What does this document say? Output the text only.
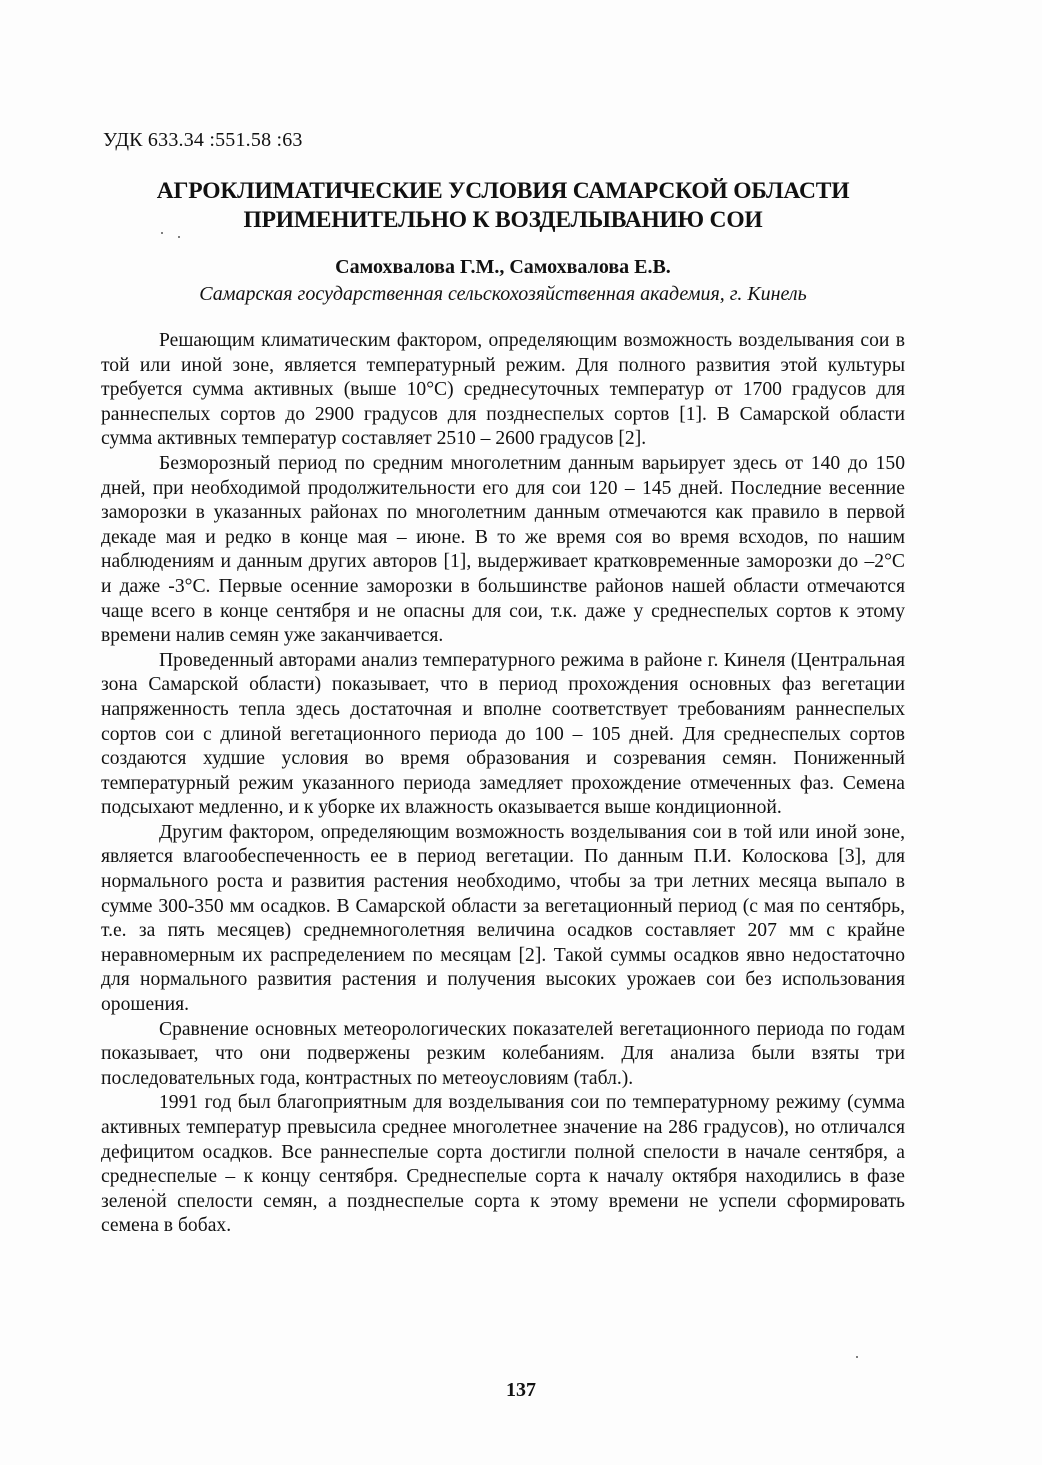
УДК 633.34 :551.58 :63
АГРОКЛИМАТИЧЕСКИЕ УСЛОВИЯ САМАРСКОЙ ОБЛАСТИ
ПРИМЕНИТЕЛЬНО К ВОЗДЕЛЫВАНИЮ СОИ
Самохвалова Г.М., Самохвалова Е.В.
Самарская государственная сельскохозяйственная академия, г. Кинель

Решающим климатическим фактором, определяющим возможность возделывания сои в той или иной зоне, является температурный режим. Для полного развития этой культуры требуется сумма активных (выше 10°С) среднесуточных температур от 1700 градусов для раннеспелых сортов до 2900 градусов для позднеспелых сортов [1]. В Самарской области сумма активных температур составляет 2510 – 2600 градусов [2].

Безморозный период по средним многолетним данным варьирует здесь от 140 до 150 дней, при необходимой продолжительности его для сои 120 – 145 дней. Последние весенние заморозки в указанных районах по многолетним данным отмечаются как правило в первой декаде мая и редко в конце мая – июне. В то же время соя во время всходов, по нашим наблюдениям и данным других авторов [1], выдерживает кратковременные заморозки до –2°С и даже -3°С. Первые осенние заморозки в большинстве районов нашей области отмечаются чаще всего в конце сентября и не опасны для сои, т.к. даже у среднеспелых сортов к этому времени налив семян уже заканчивается.

Проведенный авторами анализ температурного режима в районе г. Кинеля (Центральная зона Самарской области) показывает, что в период прохождения основных фаз вегетации напряженность тепла здесь достаточная и вполне соответствует требованиям раннеспелых сортов сои с длиной вегетационного периода до 100 – 105 дней. Для среднеспелых сортов создаются худшие условия во время образования и созревания семян. Пониженный температурный режим указанного периода замедляет прохождение отмеченных фаз. Семена подсыхают медленно, и к уборке их влажность оказывается выше кондиционной.

Другим фактором, определяющим возможность возделывания сои в той или иной зоне, является влагообеспеченность ее в период вегетации. По данным П.И. Колоскова [3], для нормального роста и развития растения необходимо, чтобы за три летних месяца выпало в сумме 300-350 мм осадков. В Самарской области за вегетационный период (с мая по сентябрь, т.е. за пять месяцев) среднемноголетняя величина осадков составляет 207 мм с крайне неравномерным их распределением по месяцам [2]. Такой суммы осадков явно недостаточно для нормального развития растения и получения высоких урожаев сои без использования орошения.

Сравнение основных метеорологических показателей вегетационного периода по годам показывает, что они подвержены резким колебаниям. Для анализа были взяты три последовательных года, контрастных по метеоусловиям (табл.).

1991 год был благоприятным для возделывания сои по температурному режиму (сумма активных температур превысила среднее многолетнее значение на 286 градусов), но отличался дефицитом осадков. Все раннеспелые сорта достигли полной спелости в начале сентября, а среднеспелые – к концу сентября. Среднеспелые сорта к началу октября находились в фазе зеленой спелости семян, а позднеспелые сорта к этому времени не успели сформировать семена в бобах.

137
